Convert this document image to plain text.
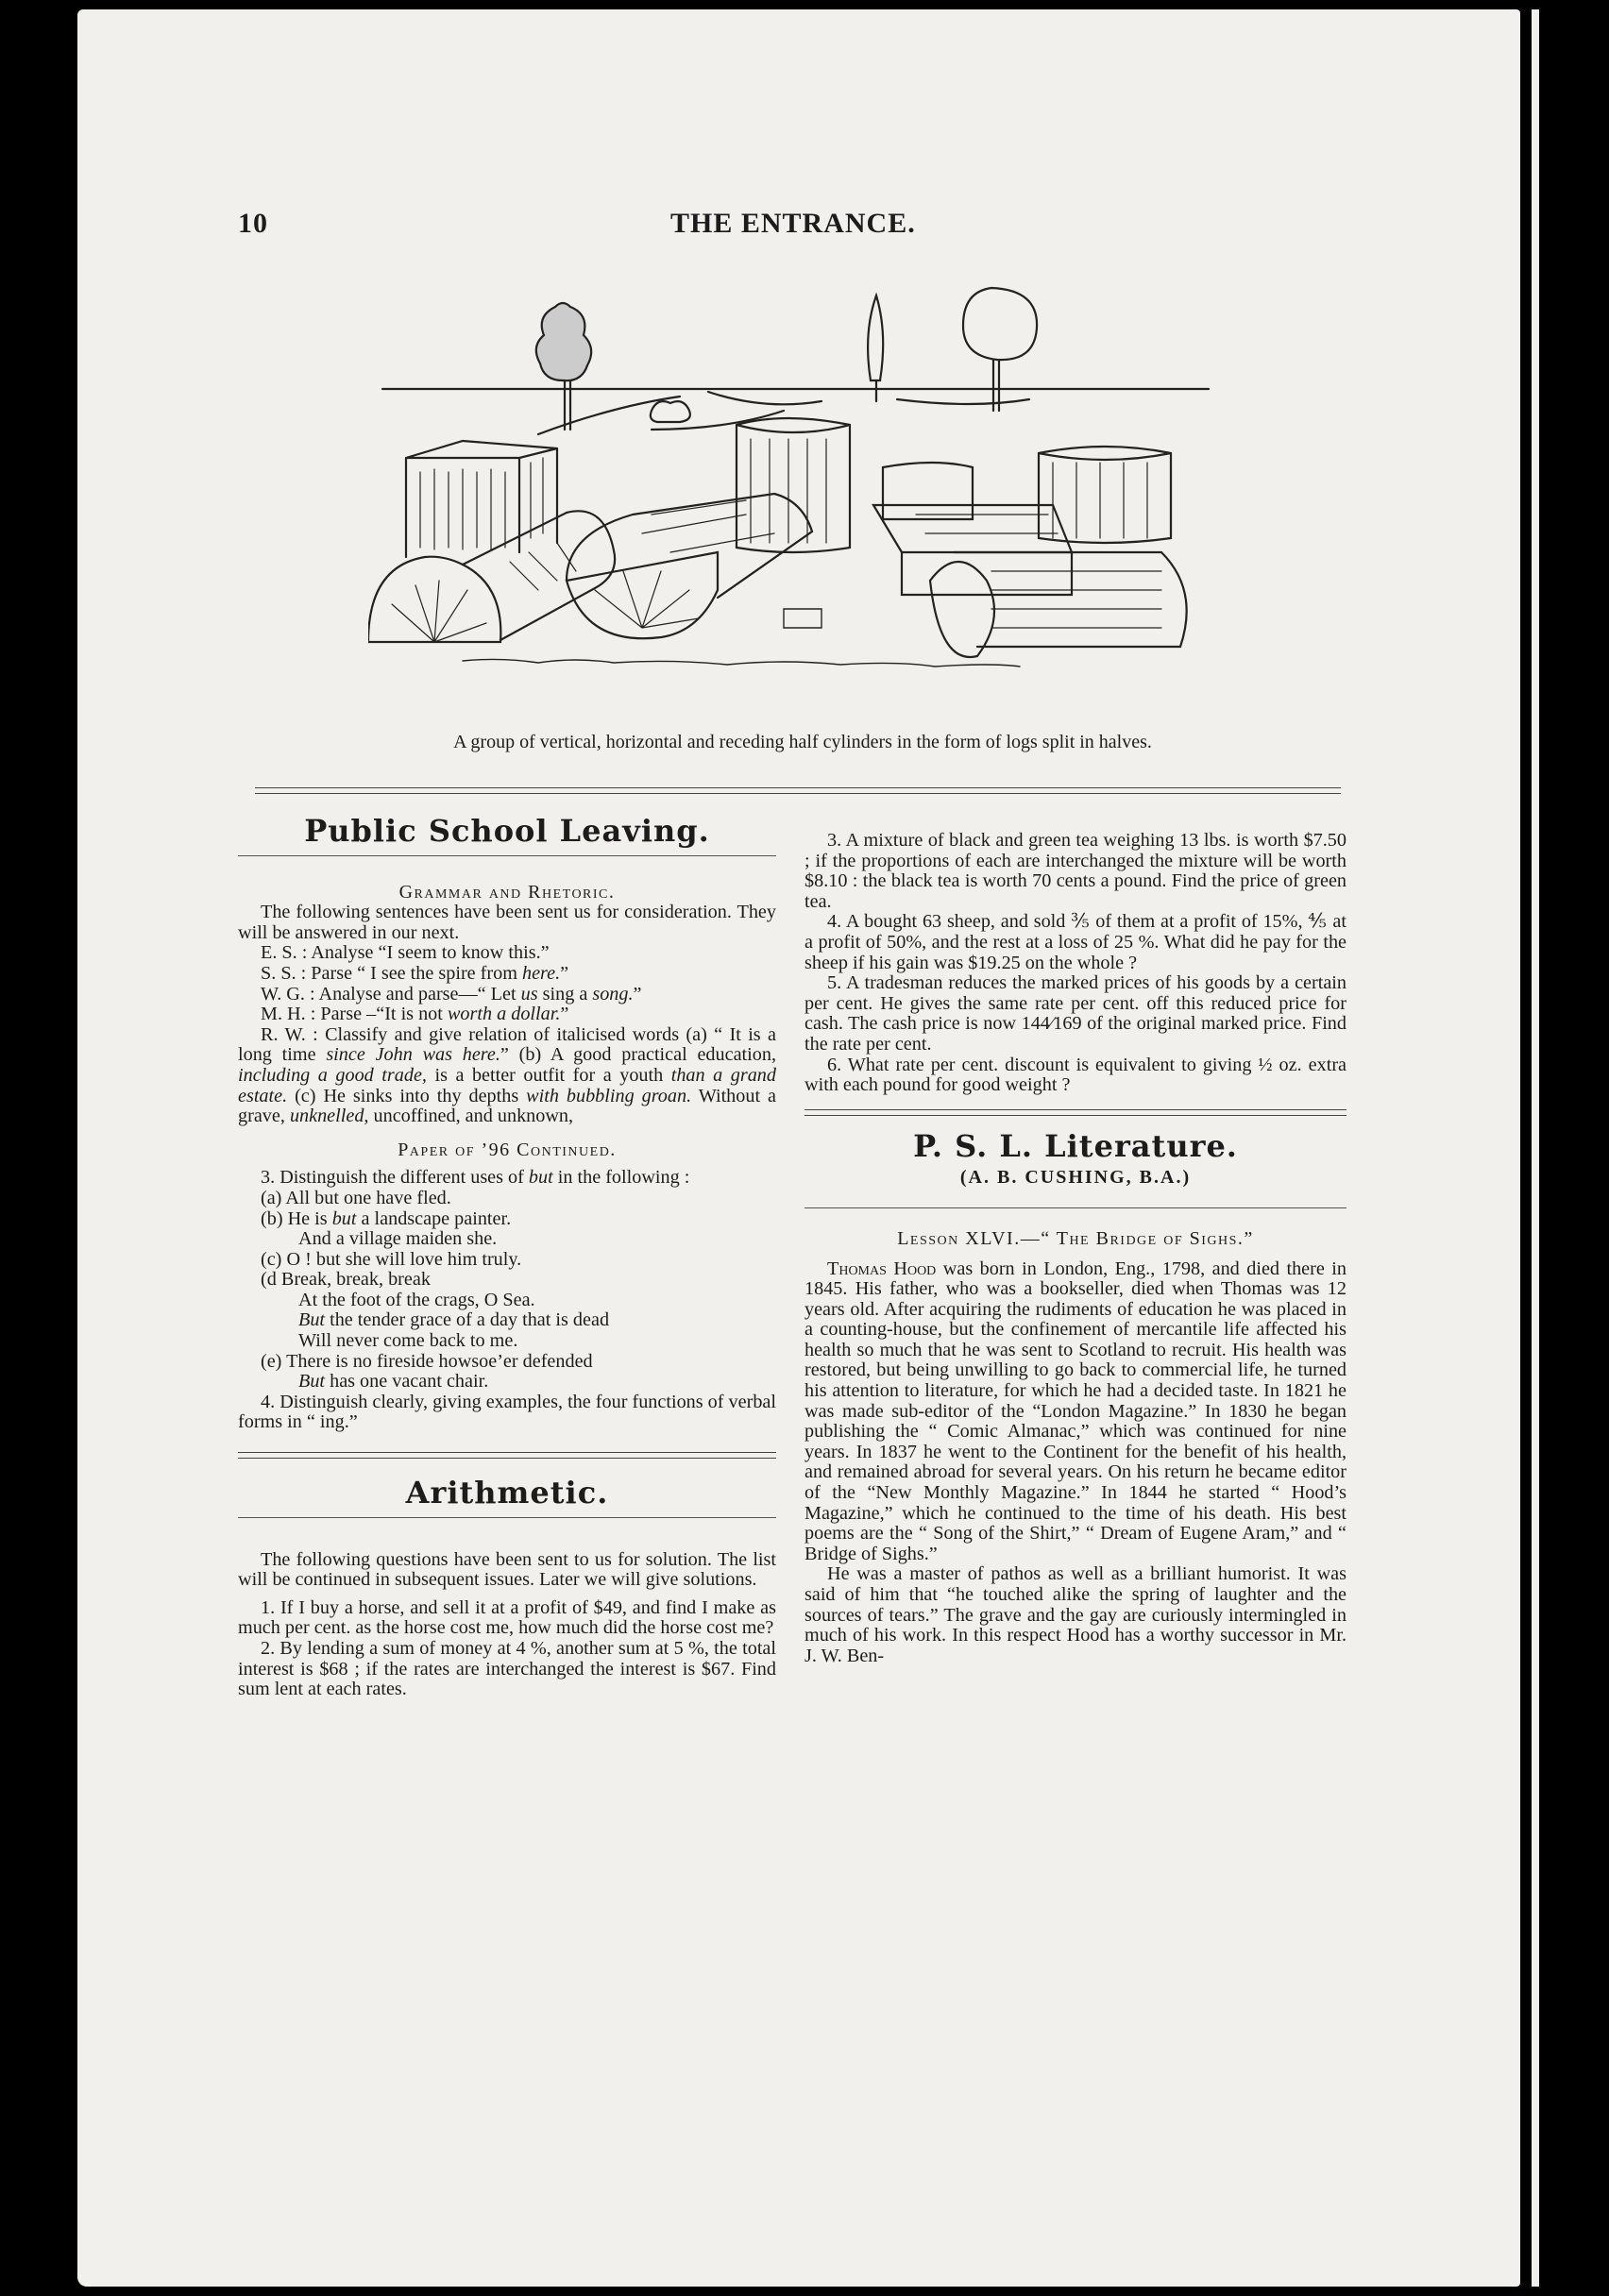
10	THE ENTRANCE.
A group of vertical, horizontal and receding half cylinders in the form of logs split in halves.
Public School Leaving.
Grammar and Rhetoric.

The following sentences have been sent us for consideration. They will be answered in our next.

E. S. : Analyse “I seem to know this.”

S. S. : Parse “ I see the spire from here.”

W. G. : Analyse and parse—“ Let us sing a song.”

M. H. : Parse –“It is not worth a dollar.”

R. W. : Classify and give relation of italicised words (a) “ It is a long time since John was here.” (b) A good practical education, including a good trade, is a better outfit for a youth than a grand estate. (c) He sinks into thy depths with bubbling groan. Without a grave, unknelled, uncoffined, and unknown,

Paper of ’96 Continued.

3. Distinguish the different uses of but in the following :

(a) All but one have fled.

(b) He is but a landscape painter.

And a village maiden she.

(c) O ! but she will love him truly.

(d Break, break, break

At the foot of the crags, O Sea.

But the tender grace of a day that is dead

Will never come back to me.

(e) There is no fireside howsoe’er defended

But has one vacant chair.

4. Distinguish clearly, giving examples, the four functions of verbal forms in “ ing.”

Arithmetic.

The following questions have been sent to us for solution. The list will be continued in subsequent issues. Later we will give solutions.

1. If I buy a horse, and sell it at a profit of $49, and find I make as much per cent. as the horse cost me, how much did the horse cost me?

2. By lending a sum of money at 4 %, another sum at 5 %, the total interest is $68 ; if the rates are interchanged the interest is $67. Find sum lent at each rates.

3. A mixture of black and green tea weighing 13 lbs. is worth $7.50 ; if the proportions of each are interchanged the mixture will be worth $8.10 : the black tea is worth 70 cents a pound. Find the price of green tea.

4. A bought 63 sheep, and sold ⅗ of them at a profit of 15%, ⅘ at a profit of 50%, and the rest at a loss of 25 %. What did he pay for the sheep if his gain was $19.25 on the whole ?

5. A tradesman reduces the marked prices of his goods by a certain per cent. He gives the same rate per cent. off this reduced price for cash. The cash price is now 144⁄169 of the original marked price. Find the rate per cent.

6. What rate per cent. discount is equivalent to giving ½ oz. extra with each pound for good weight ?

P. S. L. Literature.
(A. B. CUSHING, B.A.)
Lesson XLVI.—“ The Bridge of Sighs.”

Thomas Hood was born in London, Eng., 1798, and died there in 1845. His father, who was a bookseller, died when Thomas was 12 years old. After acquiring the rudiments of education he was placed in a counting-house, but the confinement of mercantile life affected his health so much that he was sent to Scotland to recruit. His health was restored, but being unwilling to go back to commercial life, he turned his attention to literature, for which he had a decided taste. In 1821 he was made sub-editor of the “London Magazine.” In 1830 he began publishing the “ Comic Almanac,” which was continued for nine years. In 1837 he went to the Continent for the benefit of his health, and remained abroad for several years. On his return he became editor of the “New Monthly Magazine.” In 1844 he started “ Hood’s Magazine,” which he continued to the time of his death. His best poems are the “ Song of the Shirt,” “ Dream of Eugene Aram,” and “ Bridge of Sighs.”

He was a master of pathos as well as a brilliant humorist. It was said of him that “he touched alike the spring of laughter and the sources of tears.” The grave and the gay are curiously intermingled in much of his work. In this respect Hood has a worthy successor in Mr. J. W. Ben-
